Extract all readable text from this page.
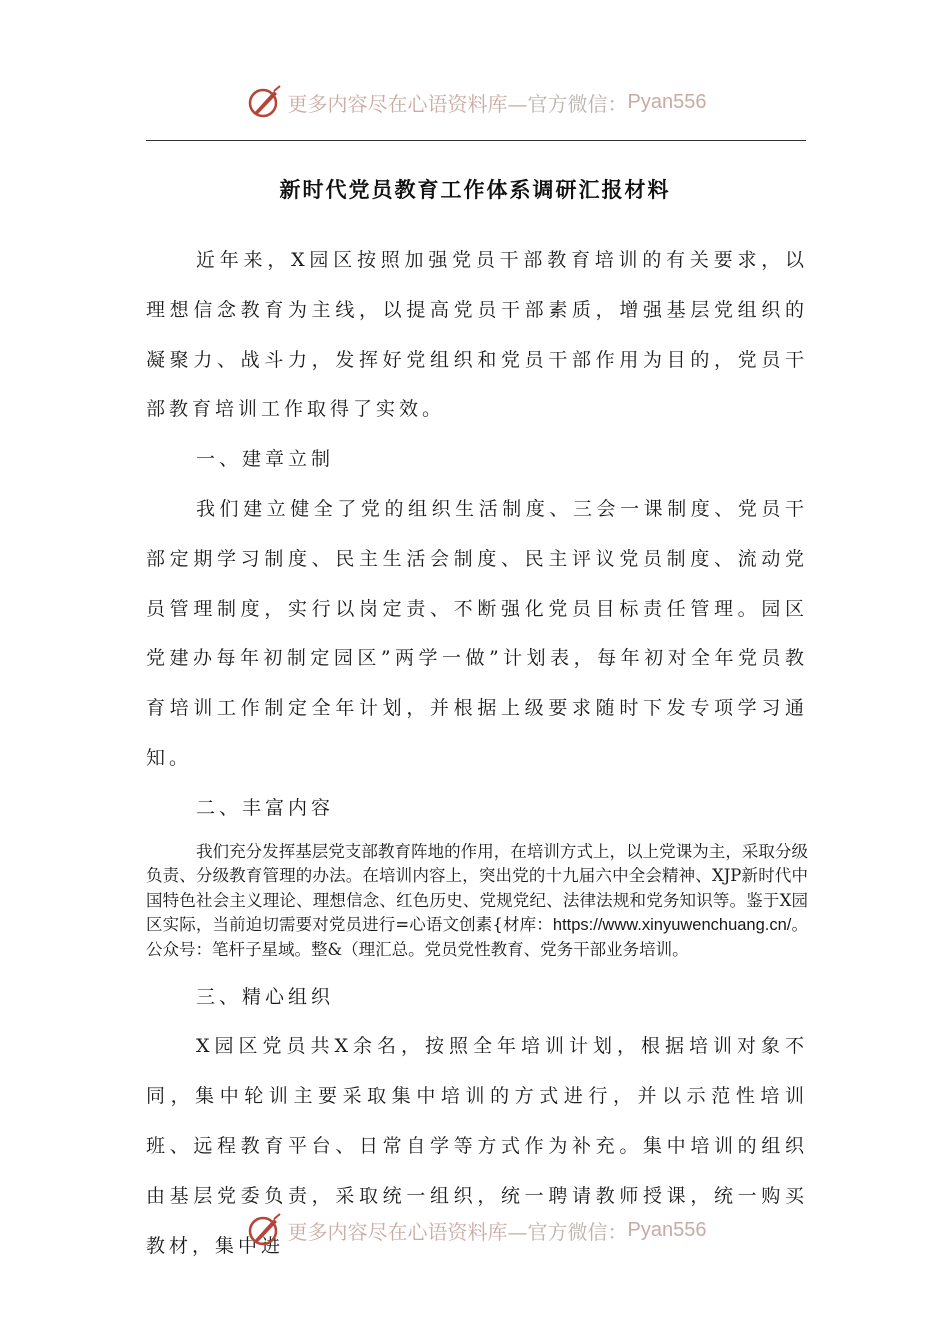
更多内容尽在心语资料库— 官方微信： Pyan556
新时代党员教育工作体系调研汇报材料

近年来，X园区按照加强党员干部教育培训的有关要求，以理想信念教育为主线，以提高党员干部素质，增强基层党组织的凝聚力、战斗力，发挥好党组织和党员干部作用为目的，党员干部教育培训工作取得了实效。

一、建章立制

我们建立健全了党的组织生活制度、三会一课制度、党员干部定期学习制度、民主生活会制度、民主评议党员制度、流动党员管理制度，实行以岗定责、不断强化党员目标责任管理。园区党建办每年初制定园区”两学一做”计划表，每年初对全年党员教育培训工作制定全年计划，并根据上级要求随时下发专项学习通知。

二、丰富内容

我们充分发挥基层党支部教育阵地的作用，在培训方式上，以上党课为主，采取分级负责、分级教育管理的办法。在培训内容上，突出党的十九届六中全会精神、XJP新时代中国特色社会主义理论、理想信念、红色历史、党规党纪、法律法规和党务知识等。鉴于X园区实际，当前迫切需要对党员进行=心语文创素{材库：https://www.xinyuwenchuang.cn/。公众号：笔杆子星域。整&（理汇总。党员党性教育、党务干部业务培训。

三、精心组织

X园区党员共X余名，按照全年培训计划，根据培训对象不同，集中轮训主要采取集中培训的方式进行，并以示范性培训班、远程教育平台、日常自学等方式作为补充。集中培训的组织由基层党委负责，采取统一组织，统一聘请教师授课，统一购买教材，集中进

更多内容尽在心语资料库— 官方微信： Pyan556
